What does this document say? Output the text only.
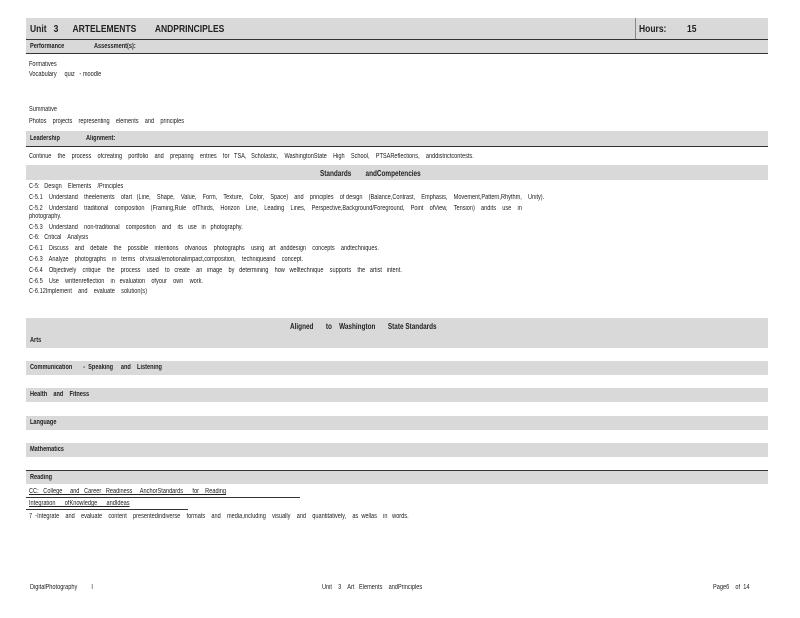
Unit 3 ARTELEMENTS        ANDPRINCIPLES	Hours: 15
Performance	Assessment(s):
Formatives
Vocabulary     quiz   - moodle
Summative
Photos    projects    representing    elements    and    principles
Leadership	Alignment:
Continue    the    process    ofcreating    portfolio    and    preparing    entries    for   TSA,   Scholastic,    WashingtonState    High    School,    PTSAReflections,    anddistrictcontests.
Standards        andCompetencies
C-5:   Design    Elements    /Principles
C-5.1    Understand    theelements    ofart   (Line,    Shape,    Value,    Form,    Texture,    Color,    Space)    and    principles    of design    (Balance,Contrast,    Emphasis,    Movement,Pattern,Rhythm,    Unity).
C-5.2    Understand    traditional    composition    (Framing,Rule    ofThirds,    Horizon    Line,    Leading    Lines,    Perspective,Background/Foreground,    Point    ofView,    Tension)    andits    use    in
photography.
C-5.3    Understand    non-traditional    composition    and    its   use   in   photography.
C-6:   Critical    Analysis
C-6.1    Discuss    and    debate    the    possible    intentions    ofvarious    photographs    using   art   anddesign    concepts    andtechniques.
C-6.3    Analyze    photographs    in   terms   of:visual/emotionalimpact,composition,    techniqueand    concept.
C-6.4    Objectively    critique    the    process    used    to   create    an   image    by   determining    how   welltechnique    supports    the   artist   intent.
C-6.5    Use    writtenreflection    in   evaluation    ofyour    own    work.
C-6.12Implement    and    evaluate    solution(s)
Aligned       to    Washington       State Standards
Arts
Communication       -  Speaking     and    Listening
Health    and    Fitness
Language
Mathematics
Reading
CC:   College     and   Career   Readiness     AnchorStandards      for    Reading
Integration      ofKnowledge      andIdeas
7  -Integrate    and    evaluate    content    presentedindiverse    formats    and    media,including    visually    and    quantitatively,    as  wellas    in   words.
DigitalPhotography         I	Unit    3    Art   Elements    andPrinciples	Page6    of  14
